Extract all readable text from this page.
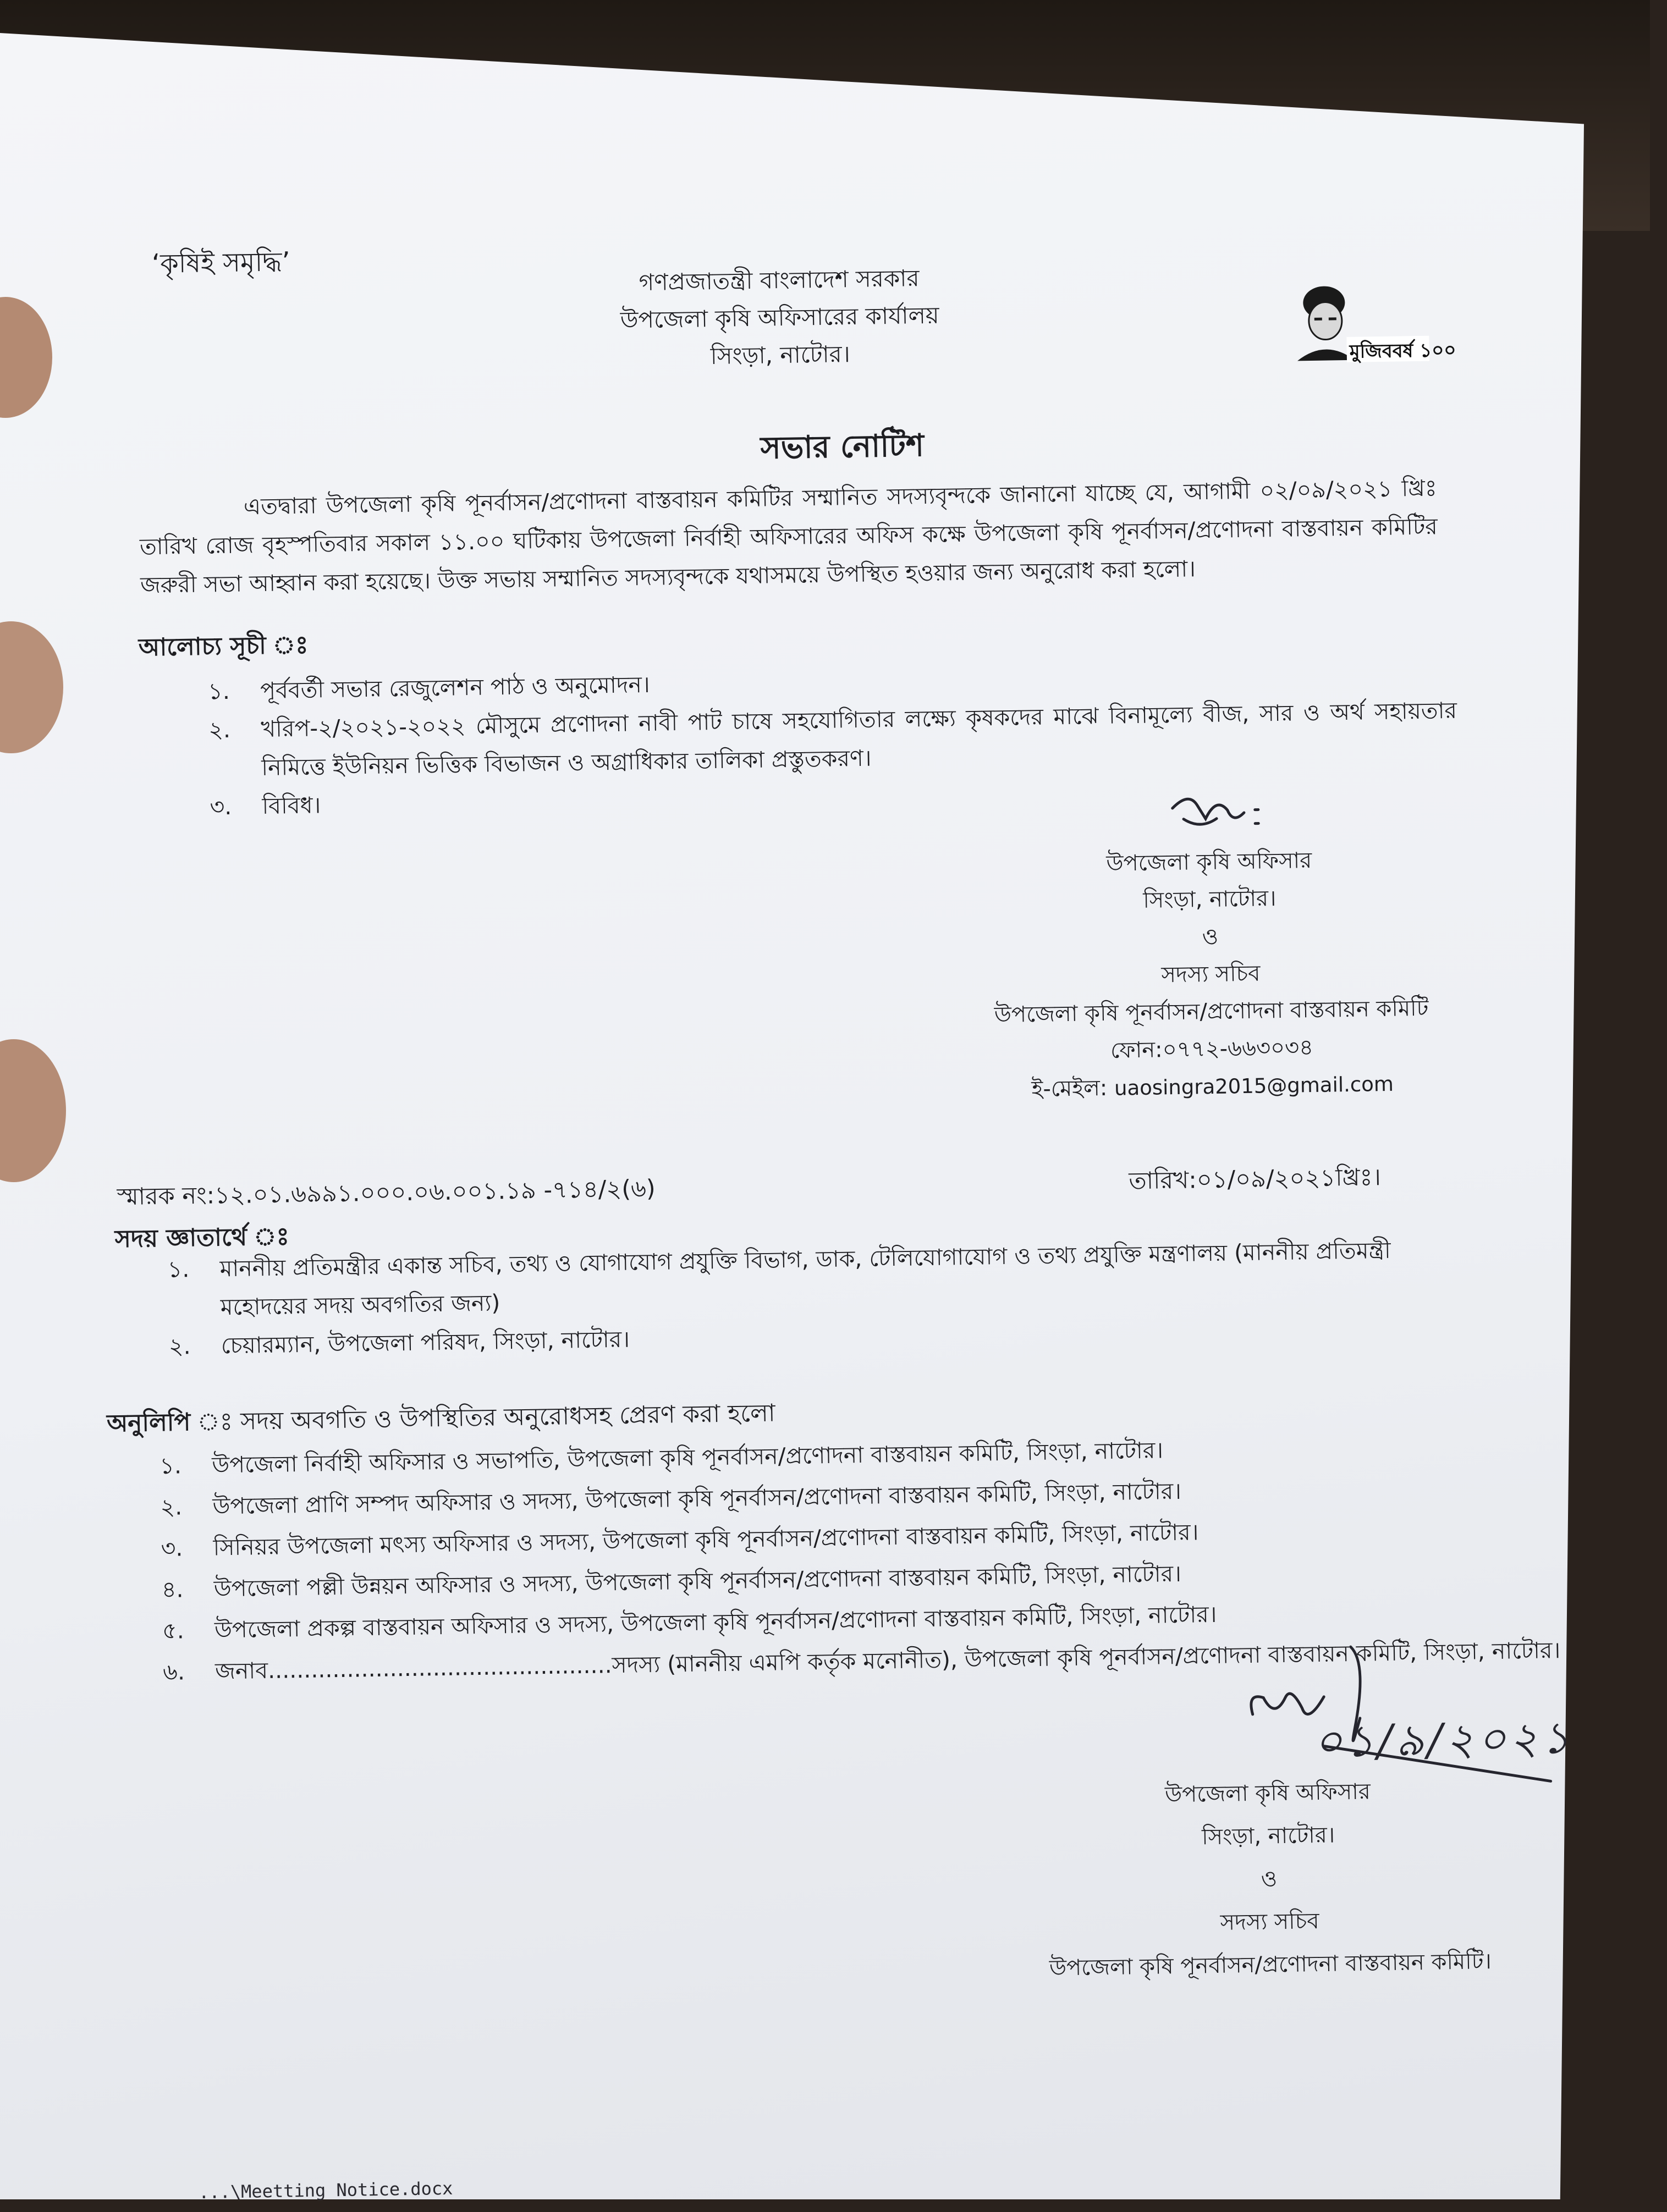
‘কৃষিই সমৃদ্ধি’
গণপ্রজাতন্ত্রী বাংলাদেশ সরকার
উপজেলা কৃষি অফিসারের কার্যালয়
সিংড়া, নাটোর।	মুজিববর্ষ ১০০
সভার নোটিশ
এতদ্বারা উপজেলা কৃষি পূনর্বাসন/প্রণোদনা বাস্তবায়ন কমিটির সম্মানিত সদস্যবৃন্দকে জানানো যাচ্ছে যে, আগামী ০২/০৯/২০২১ খ্রিঃ তারিখ রোজ বৃহস্পতিবার সকাল ১১.০০ ঘটিকায় উপজেলা নির্বাহী অফিসারের অফিস কক্ষে উপজেলা কৃষি পূনর্বাসন/প্রণোদনা বাস্তবায়ন কমিটির জরুরী সভা আহ্বান করা হয়েছে। উক্ত সভায় সম্মানিত সদস্যবৃন্দকে যথাসময়ে উপস্থিত হওয়ার জন্য অনুরোধ করা হলো।
আলোচ্য সূচী ঃ
১.	পূর্ববর্তী সভার রেজুলেশন পাঠ ও অনুমোদন।
২.	খরিপ-২/২০২১-২০২২ মৌসুমে প্রণোদনা নাবী পাট চাষে সহযোগিতার লক্ষ্যে কৃষকদের মাঝে বিনামূল্যে বীজ, সার ও অর্থ সহায়তার নিমিত্তে ইউনিয়ন ভিত্তিক বিভাজন ও অগ্রাধিকার তালিকা প্রস্তুতকরণ।
৩.	বিবিধ।
উপজেলা কৃষি অফিসার
সিংড়া, নাটোর।
ও
সদস্য সচিব
উপজেলা কৃষি পূনর্বাসন/প্রণোদনা বাস্তবায়ন কমিটি
ফোন:০৭৭২-৬৬৩০৩৪
ই-মেইল: uaosingra2015@gmail.com
স্মারক নং:১২.০১.৬৯৯১.০০০.০৬.০০১.১৯ -৭১৪/২(৬)	তারিখ:০১/০৯/২০২১খ্রিঃ।
সদয় জ্ঞাতার্থে ঃ
১.	মাননীয় প্রতিমন্ত্রীর একান্ত সচিব, তথ্য ও যোগাযোগ প্রযুক্তি বিভাগ, ডাক, টেলিযোগাযোগ ও তথ্য প্রযুক্তি মন্ত্রণালয় (মাননীয় প্রতিমন্ত্রী মহোদয়ের সদয় অবগতির জন্য)
২.	চেয়ারম্যান, উপজেলা পরিষদ, সিংড়া, নাটোর।
অনুলিপি ঃ সদয় অবগতি ও উপস্থিতির অনুরোধসহ প্রেরণ করা হলো
১.	উপজেলা নির্বাহী অফিসার ও সভাপতি, উপজেলা কৃষি পূনর্বাসন/প্রণোদনা বাস্তবায়ন কমিটি, সিংড়া, নাটোর।
২.	উপজেলা প্রাণি সম্পদ অফিসার ও সদস্য, উপজেলা কৃষি পূনর্বাসন/প্রণোদনা বাস্তবায়ন কমিটি, সিংড়া, নাটোর।
৩.	সিনিয়র উপজেলা মৎস্য অফিসার ও সদস্য, উপজেলা কৃষি পূনর্বাসন/প্রণোদনা বাস্তবায়ন কমিটি, সিংড়া, নাটোর।
৪.	উপজেলা পল্লী উন্নয়ন অফিসার ও সদস্য, উপজেলা কৃষি পূনর্বাসন/প্রণোদনা বাস্তবায়ন কমিটি, সিংড়া, নাটোর।
৫.	উপজেলা প্রকল্প বাস্তবায়ন অফিসার ও সদস্য, উপজেলা কৃষি পূনর্বাসন/প্রণোদনা বাস্তবায়ন কমিটি, সিংড়া, নাটোর।
৬.	জনাব................................................সদস্য (মাননীয় এমপি কর্তৃক মনোনীত), উপজেলা কৃষি পূনর্বাসন/প্রণোদনা বাস্তবায়ন কমিটি, সিংড়া, নাটোর।
০১/৯/২০২১
উপজেলা কৃষি অফিসার
সিংড়া, নাটোর।
ও
সদস্য সচিব
উপজেলা কৃষি পূনর্বাসন/প্রণোদনা বাস্তবায়ন কমিটি।
...\Meetting Notice.docx
